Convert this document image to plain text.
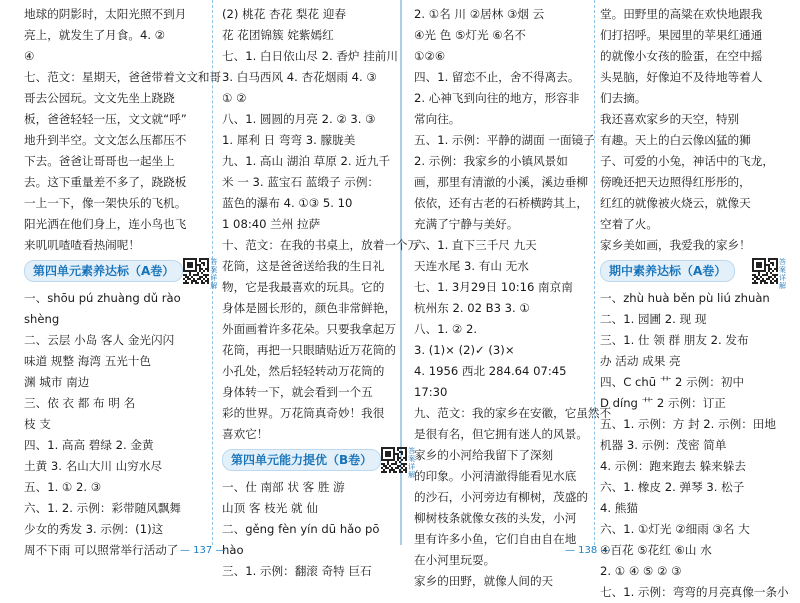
地球的阴影时，太阳光照不到月
亮上，就发生了月食。4. ②
④
七、范文：星期天，爸爸带着文文和哥
哥去公园玩。文文先坐上跷跷
板，爸爸轻轻一压，文文就“呼”
地升到半空。文文怎么压都压不
下去。爸爸让哥哥也一起坐上
去。这下重量差不多了，跷跷板
一上一下，像一架快乐的飞机。
阳光洒在他们身上，连小鸟也飞
来叽叽喳喳看热闹呢！
第四单元素养达标（A卷）
答案详解
一、shōu pú zhuàng dǔ rào
shèng
二、云层 小岛 客人 金光闪闪
味道 规整 海湾 五光十色
渊 城市 南边
三、依 衣 都 布 明 名
枝 支
四、1. 高高 碧绿 2. 金黄
土黄 3. 名山大川 山穷水尽
五、1. ① 2. ③
六、1. 2. 示例：彩带随风飘舞
少女的秀发 3. 示例：(1)这
周不下雨 可以照常举行活动了
(2) 桃花 杏花 梨花 迎春
花 花团锦簇 姹紫嫣红
七、1. 白日依山尽 2. 香炉 挂前川
3. 白马西风 4. 杏花烟雨 4. ③
① ②
八、1. 圆圆的月亮 2. ② 3. ③
1. 犀利 日 弯弯 3. 朦胧美
九、1. 高山 湖泊 草原 2. 近九千
米 一 3. 蓝宝石 蓝缎子 示例：
蓝色的瀑布 4. ①③ 5. 10
1 08:40 兰州 拉萨
十、范文：在我的书桌上，放着一个万
花筒，这是爸爸送给我的生日礼
物，它是我最喜欢的玩具。它的
身体是圆长形的，颜色非常鲜艳，
外面画着许多花朵。只要我拿起万
花筒，再把一只眼睛贴近万花筒的
小孔处，然后轻轻转动万花筒的
身体转一下，就会看到一个五
彩的世界。万花筒真奇妙！我很
喜欢它！
第四单元能力提优（B卷）
答案详解
一、仕 南部 状 客 胜 游
山顶 客 枝光 就 仙
二、gěng fèn yín dū hǎo pō
hào
三、1. 示例：翻滚 奇特 巨石
2. ①名 川 ②居林 ③烟 云
④光 色 ⑤灯光 ⑥名不
①②⑥
四、1. 留恋不止，舍不得离去。
2. 心神飞到向往的地方，形容非
常向往。
五、1. 示例：平静的湖面 一面镜子
2. 示例：我家乡的小镇风景如
画，那里有清澈的小溪，溪边垂柳
依依，还有古老的石桥横跨其上，
充满了宁静与美好。
六、1. 直下三千尺 九天
天连水尾 3. 有山 无水
七、1. 3月29日 10:16 南京南
杭州东 2. 02 B3 3. ①
八、1. ② 2.
3. (1)× (2)✓ (3)×
4. 1956 西北 284.64 07:45
17:30
九、范文：我的家乡在安徽，它虽然不
是很有名，但它拥有迷人的风景。
家乡的小河给我留下了深刻
的印象。小河清澈得能看见水底
的沙石，小河旁边有柳树，茂盛的
柳树枝条就像女孩的头发，小河
里有许多小鱼，它们自由自在地
在小河里玩耍。
家乡的田野，就像人间的天
堂。田野里的高粱在欢快地跟我
们打招呼。果园里的苹果红通通
的就像小女孩的脸蛋，在空中摇
头晃脑，好像迫不及待地等着人
们去摘。
我还喜欢家乡的天空，特别
有趣。天上的白云像凶猛的狮
子、可爱的小兔，神话中的飞龙，
傍晚还把天边照得红彤彤的，
红红的就像被火烧云，就像天
空着了火。
家乡美如画，我爱我的家乡！
期中素养达标（A卷）
答案详解
一、zhù huà běn pù liú zhuàn
二、1. 园圃 2. 现 现
三、1. 仕 领 群 朋友 2. 发布
办 活动 成果 亮
四、C chū ⺾ 2 示例：初中
D díng ⺾ 2 示例：订正
五、1. 示例：方 封 2. 示例：田地
机器 3. 示例：茂密 简单
4. 示例：跑来跑去 躲来躲去
六、1. 橡皮 2. 弹琴 3. 松子
4. 熊猫
六、1. ①灯光 ②细雨 ③名 大
④百花 ⑤花红 ⑥山 水
2. ① ④ ⑤ ② ③
七、1. 示例：弯弯的月亮真像一条小
— 137 —	— 138 —
